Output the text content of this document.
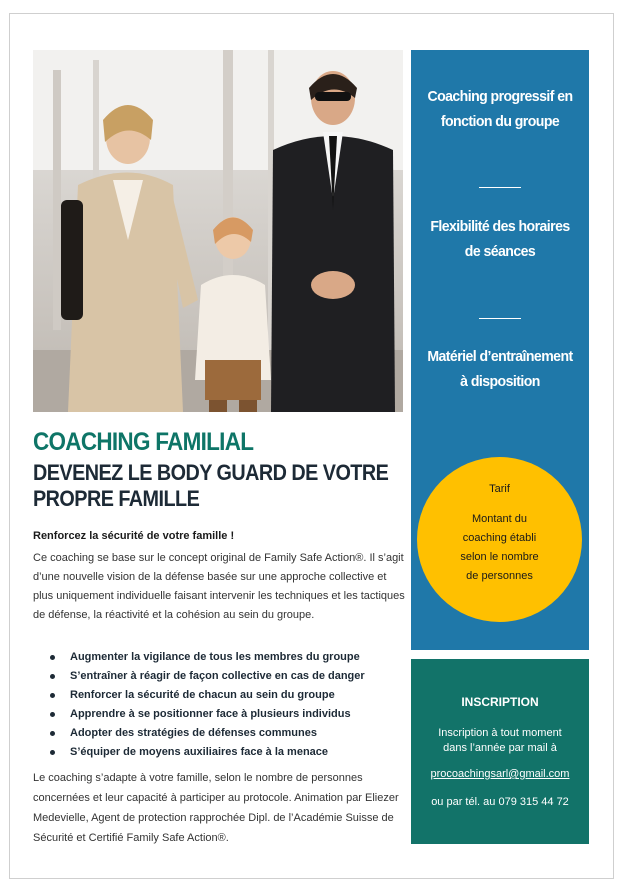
Coaching progressif en fonction du groupe
Flexibilité des horaires de séances
Matériel d’entraînement à disposition
Tarif
Montant du coaching établi selon le nombre de personnes
INSCRIPTION
Inscription à tout moment dans l’année par mail à
procoachingsarl@gmail.com
ou par tél. au 079 315 44 72
COACHING FAMILIAL
DEVENEZ LE BODY GUARD DE VOTRE PROPRE FAMILLE
Renforcez la sécurité de votre famille !
Ce coaching se base sur le concept original de Family Safe Action®. Il s’agit d’une nouvelle vision de la défense basée sur une approche collective et plus uniquement individuelle faisant intervenir les techniques et les tactiques de défense, la réactivité et la cohésion au sein du groupe.
Augmenter la vigilance de tous les membres du groupe
S’entraîner à réagir de façon collective en cas de danger
Renforcer la sécurité de chacun au sein du groupe
Apprendre à se positionner face à plusieurs individus
Adopter des stratégies de défenses communes
S’équiper de moyens auxiliaires face à la menace
Le coaching s’adapte à votre famille, selon le nombre de personnes concernées et leur capacité à participer au protocole. Animation par Eliezer Medevielle, Agent de protection rapprochée Dipl. de l’Académie Suisse de Sécurité et Certifié Family Safe Action®.
